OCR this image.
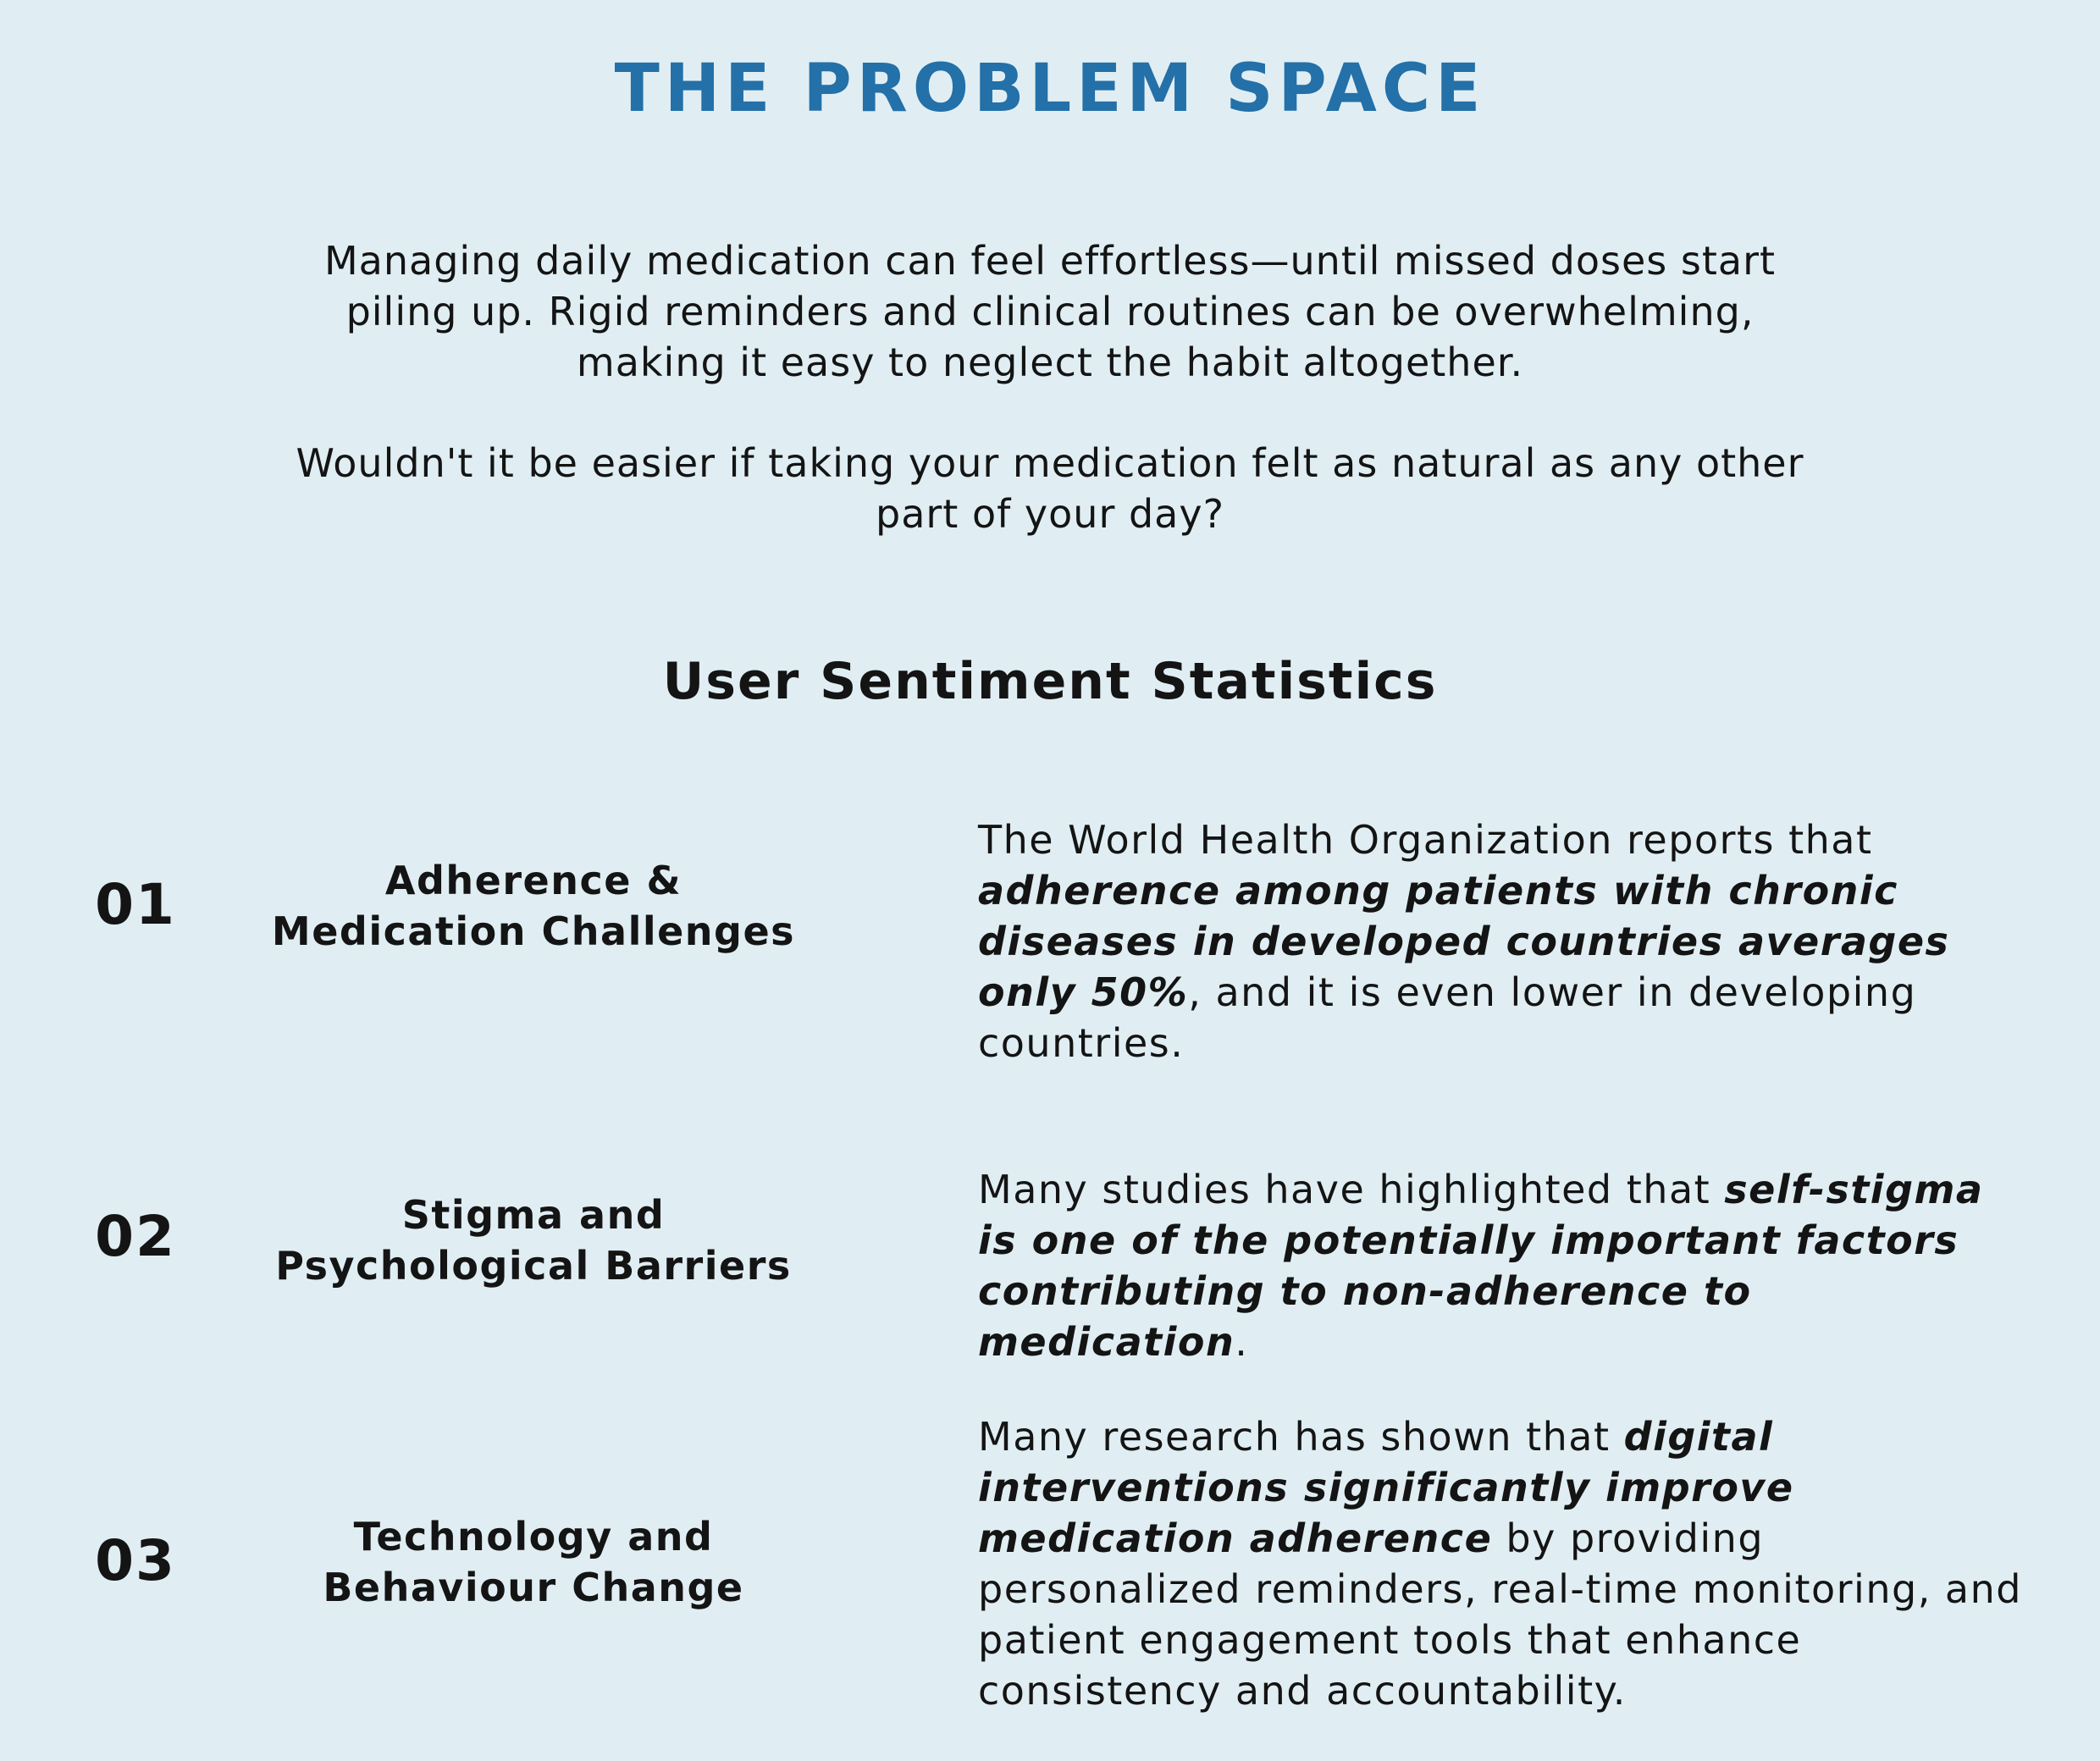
THE PROBLEM SPACE
Managing daily medication can feel effortless—until missed doses start piling up. Rigid reminders and clinical routines can be overwhelming, making it easy to neglect the habit altogether.
Wouldn't it be easier if taking your medication felt as natural as any other part of your day?
User Sentiment Statistics
01	Adherence &
Medication Challenges
The World Health Organization reports that adherence among patients with chronic diseases in developed countries averages only 50%, and it is even lower in developing countries.
02	Stigma and
Psychological Barriers
Many studies have highlighted that self-stigma is one of the potentially important factors contributing to non-adherence to medication.
03	Technology and
Behaviour Change
Many research has shown that digital interventions significantly improve medication adherence by providing personalized reminders, real-time monitoring, and patient engagement tools that enhance consistency and accountability.
